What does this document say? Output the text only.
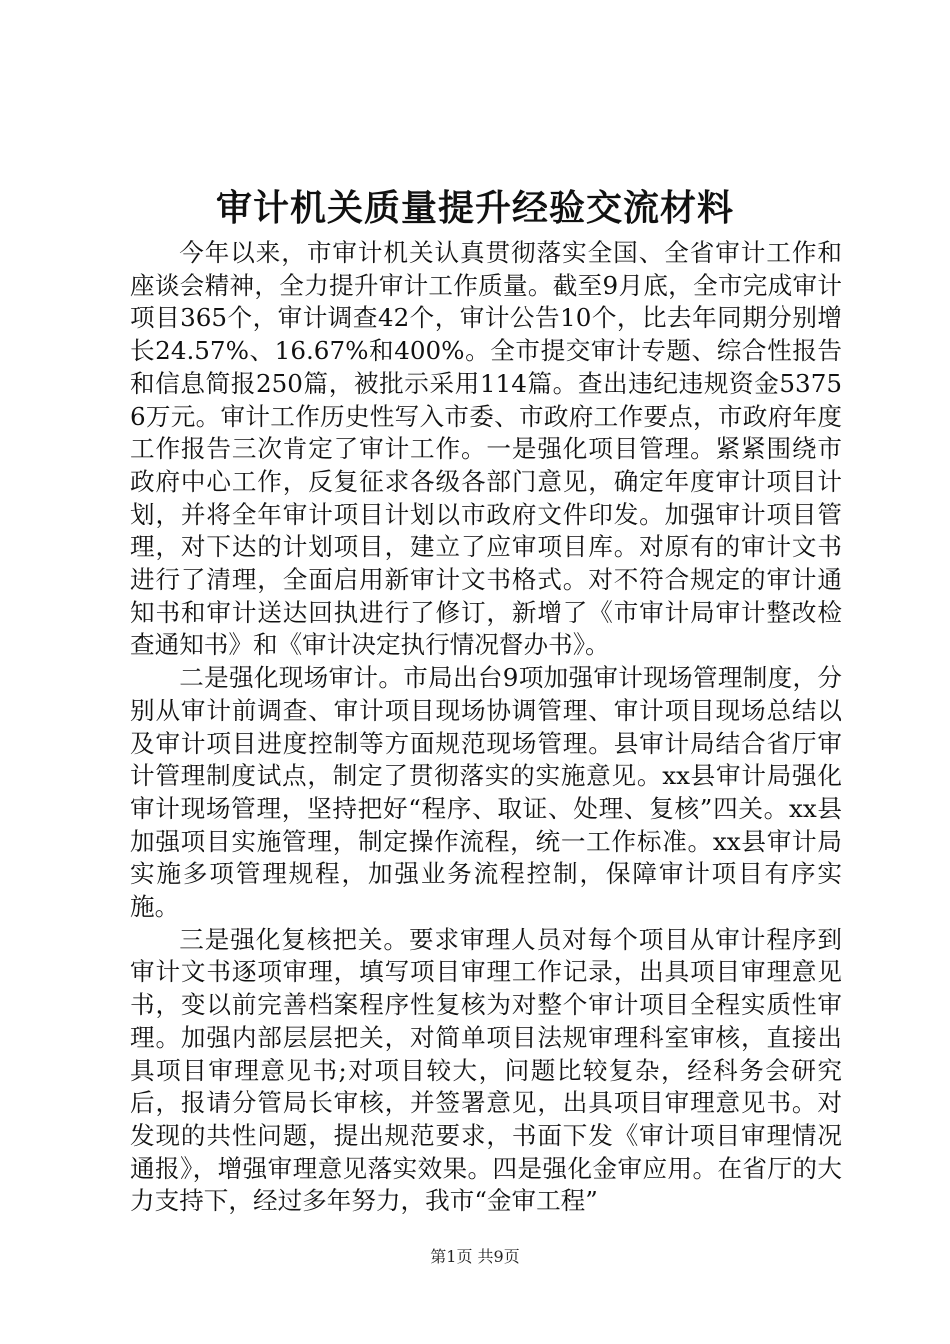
审计机关质量提升经验交流材料

今年以来，市审计机关认真贯彻落实全国、全省审计工作和座谈会精神，全力提升审计工作质量。截至9月底，全市完成审计项目365个，审计调查42个，审计公告10个，比去年同期分别增长24.57%、16.67%和400%。全市提交审计专题、综合性报告和信息简报250篇，被批示采用114篇。查出违纪违规资金53756万元。审计工作历史性写入市委、市政府工作要点，市政府年度工作报告三次肯定了审计工作。一是强化项目管理。紧紧围绕市政府中心工作，反复征求各级各部门意见，确定年度审计项目计划，并将全年审计项目计划以市政府文件印发。加强审计项目管理，对下达的计划项目，建立了应审项目库。对原有的审计文书进行了清理，全面启用新审计文书格式。对不符合规定的审计通知书和审计送达回执进行了修订，新增了《市审计局审计整改检查通知书》和《审计决定执行情况督办书》。

二是强化现场审计。市局出台9项加强审计现场管理制度，分别从审计前调查、审计项目现场协调管理、审计项目现场总结以及审计项目进度控制等方面规范现场管理。县审计局结合省厅审计管理制度试点，制定了贯彻落实的实施意见。xx县审计局强化审计现场管理，坚持把好“程序、取证、处理、复核”四关。xx县加强项目实施管理，制定操作流程，统一工作标准。xx县审计局实施多项管理规程，加强业务流程控制，保障审计项目有序实施。

三是强化复核把关。要求审理人员对每个项目从审计程序到审计文书逐项审理，填写项目审理工作记录，出具项目审理意见书，变以前完善档案程序性复核为对整个审计项目全程实质性审理。加强内部层层把关，对简单项目法规审理科室审核，直接出具项目审理意见书;对项目较大，问题比较复杂，经科务会研究后，报请分管局长审核，并签署意见，出具项目审理意见书。对发现的共性问题，提出规范要求，书面下发《审计项目审理情况通报》，增强审理意见落实效果。四是强化金审应用。在省厅的大力支持下，经过多年努力，我市“金审工程”

第1页 共9页
